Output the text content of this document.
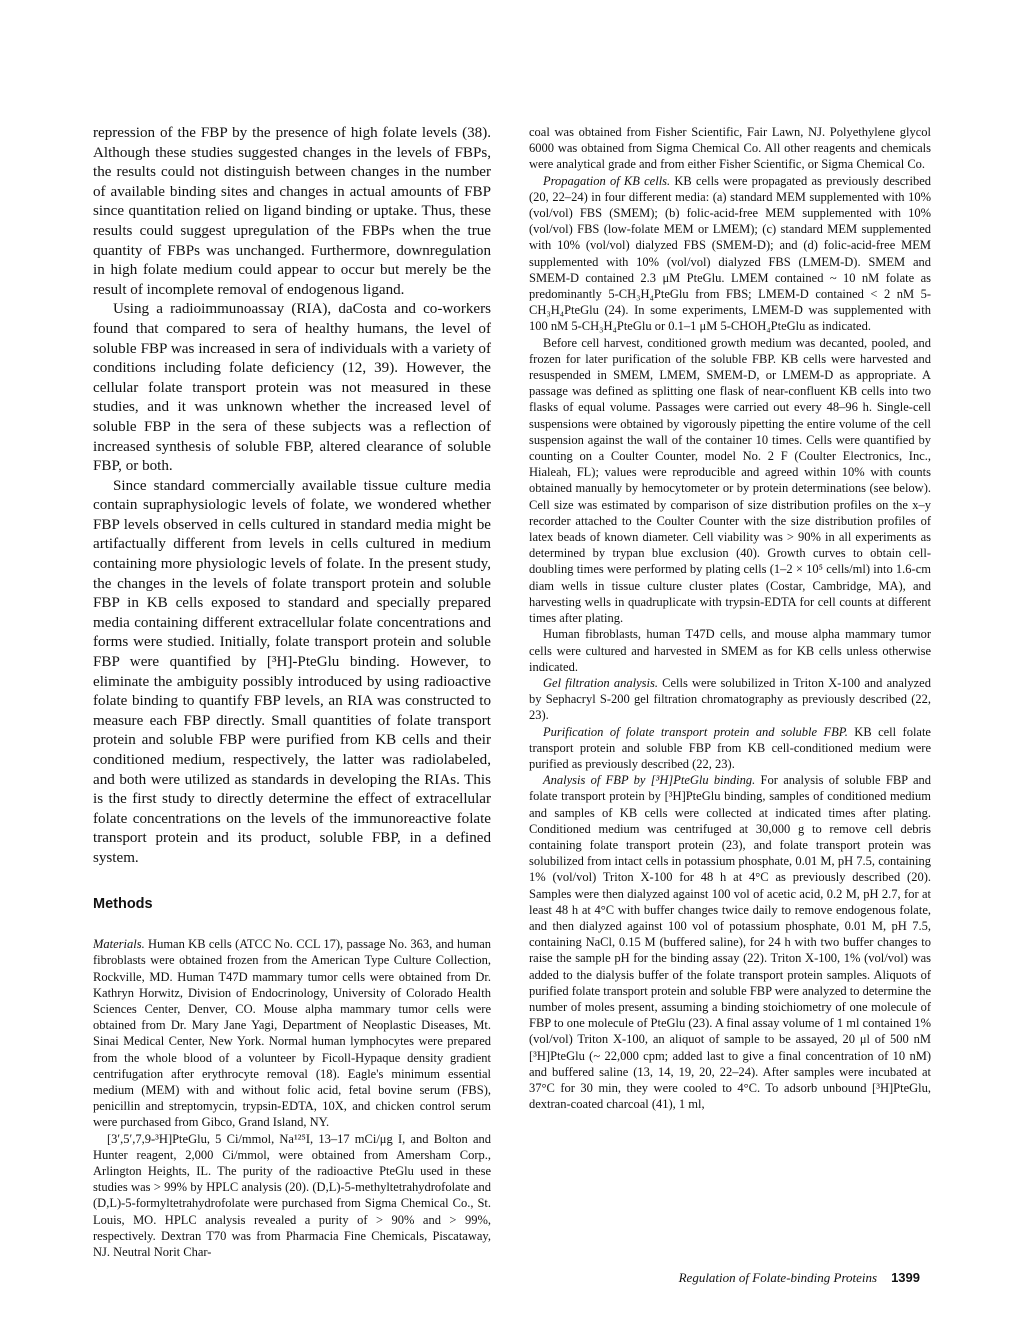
repression of the FBP by the presence of high folate levels (38). Although these studies suggested changes in the levels of FBPs, the results could not distinguish between changes in the number of available binding sites and changes in actual amounts of FBP since quantitation relied on ligand binding or uptake. Thus, these results could suggest upregulation of the FBPs when the true quantity of FBPs was unchanged. Furthermore, downregulation in high folate medium could appear to occur but merely be the result of incomplete removal of endogenous ligand.

Using a radioimmunoassay (RIA), daCosta and co-workers found that compared to sera of healthy humans, the level of soluble FBP was increased in sera of individuals with a variety of conditions including folate deficiency (12, 39). However, the cellular folate transport protein was not measured in these studies, and it was unknown whether the increased level of soluble FBP in the sera of these subjects was a reflection of increased synthesis of soluble FBP, altered clearance of soluble FBP, or both.

Since standard commercially available tissue culture media contain supraphysiologic levels of folate, we wondered whether FBP levels observed in cells cultured in standard media might be artifactually different from levels in cells cultured in medium containing more physiologic levels of folate. In the present study, the changes in the levels of folate transport protein and soluble FBP in KB cells exposed to standard and specially prepared media containing different extracellular folate concentrations and forms were studied. Initially, folate transport protein and soluble FBP were quantified by [³H]-PteGlu binding. However, to eliminate the ambiguity possibly introduced by using radioactive folate binding to quantify FBP levels, an RIA was constructed to measure each FBP directly. Small quantities of folate transport protein and soluble FBP were purified from KB cells and their conditioned medium, respectively, the latter was radiolabeled, and both were utilized as standards in developing the RIAs. This is the first study to directly determine the effect of extracellular folate concentrations on the levels of the immunoreactive folate transport protein and its product, soluble FBP, in a defined system.

Methods

Materials. Human KB cells (ATCC No. CCL 17), passage No. 363, and human fibroblasts were obtained frozen from the American Type Culture Collection, Rockville, MD. Human T47D mammary tumor cells were obtained from Dr. Kathryn Horwitz, Division of Endocrinology, University of Colorado Health Sciences Center, Denver, CO. Mouse alpha mammary tumor cells were obtained from Dr. Mary Jane Yagi, Department of Neoplastic Diseases, Mt. Sinai Medical Center, New York. Normal human lymphocytes were prepared from the whole blood of a volunteer by Ficoll-Hypaque density gradient centrifugation after erythrocyte removal (18). Eagle's minimum essential medium (MEM) with and without folic acid, fetal bovine serum (FBS), penicillin and streptomycin, trypsin-EDTA, 10X, and chicken control serum were purchased from Gibco, Grand Island, NY.

[3′,5′,7,9-³H]PteGlu, 5 Ci/mmol, Na¹²⁵I, 13–17 mCi/μg I, and Bolton and Hunter reagent, 2,000 Ci/mmol, were obtained from Amersham Corp., Arlington Heights, IL. The purity of the radioactive PteGlu used in these studies was > 99% by HPLC analysis (20). (D,L)-5-methyltetrahydrofolate and (D,L)-5-formyltetrahydrofolate were purchased from Sigma Chemical Co., St. Louis, MO. HPLC analysis revealed a purity of > 90% and > 99%, respectively. Dextran T70 was from Pharmacia Fine Chemicals, Piscataway, NJ. Neutral Norit Char-

coal was obtained from Fisher Scientific, Fair Lawn, NJ. Polyethylene glycol 6000 was obtained from Sigma Chemical Co. All other reagents and chemicals were analytical grade and from either Fisher Scientific, or Sigma Chemical Co.

Propagation of KB cells. KB cells were propagated as previously described (20, 22–24) in four different media: (a) standard MEM supplemented with 10% (vol/vol) FBS (SMEM); (b) folic-acid-free MEM supplemented with 10% (vol/vol) FBS (low-folate MEM or LMEM); (c) standard MEM supplemented with 10% (vol/vol) dialyzed FBS (SMEM-D); and (d) folic-acid-free MEM supplemented with 10% (vol/vol) dialyzed FBS (LMEM-D). SMEM and SMEM-D contained 2.3 μM PteGlu. LMEM contained ~ 10 nM folate as predominantly 5-CH₃H₄PteGlu from FBS; LMEM-D contained < 2 nM 5-CH₃H₄PteGlu (24). In some experiments, LMEM-D was supplemented with 100 nM 5-CH₃H₄PteGlu or 0.1–1 μM 5-CHOH₄PteGlu as indicated.

Before cell harvest, conditioned growth medium was decanted, pooled, and frozen for later purification of the soluble FBP. KB cells were harvested and resuspended in SMEM, LMEM, SMEM-D, or LMEM-D as appropriate. A passage was defined as splitting one flask of near-confluent KB cells into two flasks of equal volume. Passages were carried out every 48–96 h. Single-cell suspensions were obtained by vigorously pipetting the entire volume of the cell suspension against the wall of the container 10 times. Cells were quantified by counting on a Coulter Counter, model No. 2 F (Coulter Electronics, Inc., Hialeah, FL); values were reproducible and agreed within 10% with counts obtained manually by hemocytometer or by protein determinations (see below). Cell size was estimated by comparison of size distribution profiles on the x–y recorder attached to the Coulter Counter with the size distribution profiles of latex beads of known diameter. Cell viability was > 90% in all experiments as determined by trypan blue exclusion (40). Growth curves to obtain cell-doubling times were performed by plating cells (1–2 × 10⁵ cells/ml) into 1.6-cm diam wells in tissue culture cluster plates (Costar, Cambridge, MA), and harvesting wells in quadruplicate with trypsin-EDTA for cell counts at different times after plating.

Human fibroblasts, human T47D cells, and mouse alpha mammary tumor cells were cultured and harvested in SMEM as for KB cells unless otherwise indicated.

Gel filtration analysis. Cells were solubilized in Triton X-100 and analyzed by Sephacryl S-200 gel filtration chromatography as previously described (22, 23).

Purification of folate transport protein and soluble FBP. KB cell folate transport protein and soluble FBP from KB cell-conditioned medium were purified as previously described (22, 23).

Analysis of FBP by [³H]PteGlu binding. For analysis of soluble FBP and folate transport protein by [³H]PteGlu binding, samples of conditioned medium and samples of KB cells were collected at indicated times after plating. Conditioned medium was centrifuged at 30,000 g to remove cell debris containing folate transport protein (23), and folate transport protein was solubilized from intact cells in potassium phosphate, 0.01 M, pH 7.5, containing 1% (vol/vol) Triton X-100 for 48 h at 4°C as previously described (20). Samples were then dialyzed against 100 vol of acetic acid, 0.2 M, pH 2.7, for at least 48 h at 4°C with buffer changes twice daily to remove endogenous folate, and then dialyzed against 100 vol of potassium phosphate, 0.01 M, pH 7.5, containing NaCl, 0.15 M (buffered saline), for 24 h with two buffer changes to raise the sample pH for the binding assay (22). Triton X-100, 1% (vol/vol) was added to the dialysis buffer of the folate transport protein samples. Aliquots of purified folate transport protein and soluble FBP were analyzed to determine the number of moles present, assuming a binding stoichiometry of one molecule of FBP to one molecule of PteGlu (23). A final assay volume of 1 ml contained 1% (vol/vol) Triton X-100, an aliquot of sample to be assayed, 20 μl of 500 nM [³H]PteGlu (~ 22,000 cpm; added last to give a final concentration of 10 nM) and buffered saline (13, 14, 19, 20, 22–24). After samples were incubated at 37°C for 30 min, they were cooled to 4°C. To adsorb unbound [³H]PteGlu, dextran-coated charcoal (41), 1 ml,

Regulation of Folate-binding Proteins 1399
